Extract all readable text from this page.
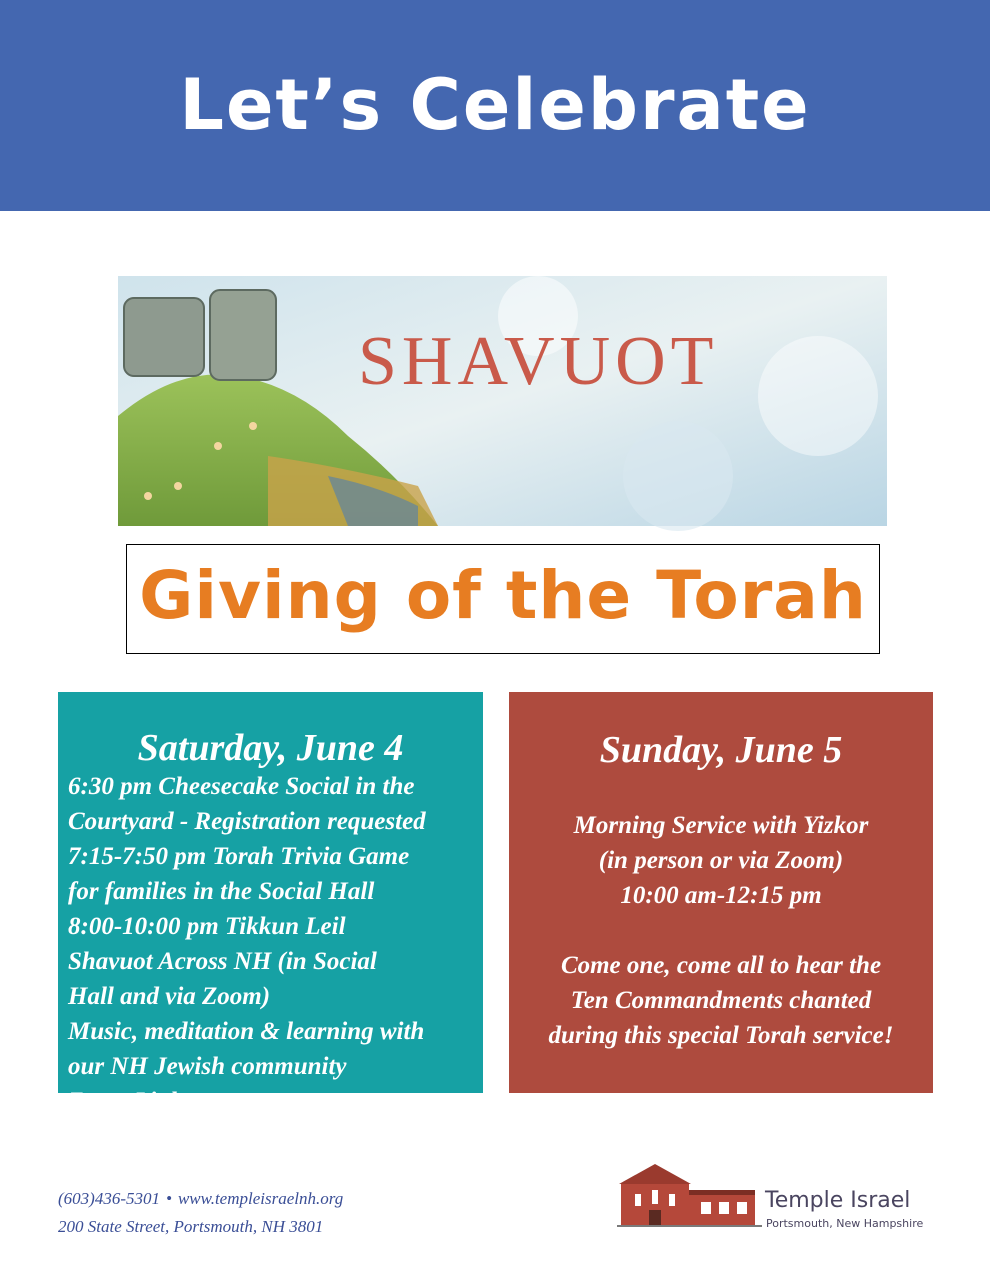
Let’s Celebrate
SHAVUOT
Giving of the Torah
Saturday, June 4
6:30 pm Cheesecake Social in the
Courtyard - Registration requested
7:15-7:50 pm Torah Trivia Game
for families in the Social Hall
8:00-10:00 pm Tikkun Leil
Shavuot Across NH (in Social
Hall and via Zoom)
Music, meditation & learning with
our NH Jewish community
Zoom Link
Sunday, June 5
Morning Service with Yizkor
(in person or via Zoom)
10:00 am-12:15 pm
Come one, come all to hear the
Ten Commandments chanted
during this special Torah service!
(603)436-5301 • www.templeisraelnh.org
200 State Street, Portsmouth, NH 3801
Temple Israel
Portsmouth, New Hampshire
